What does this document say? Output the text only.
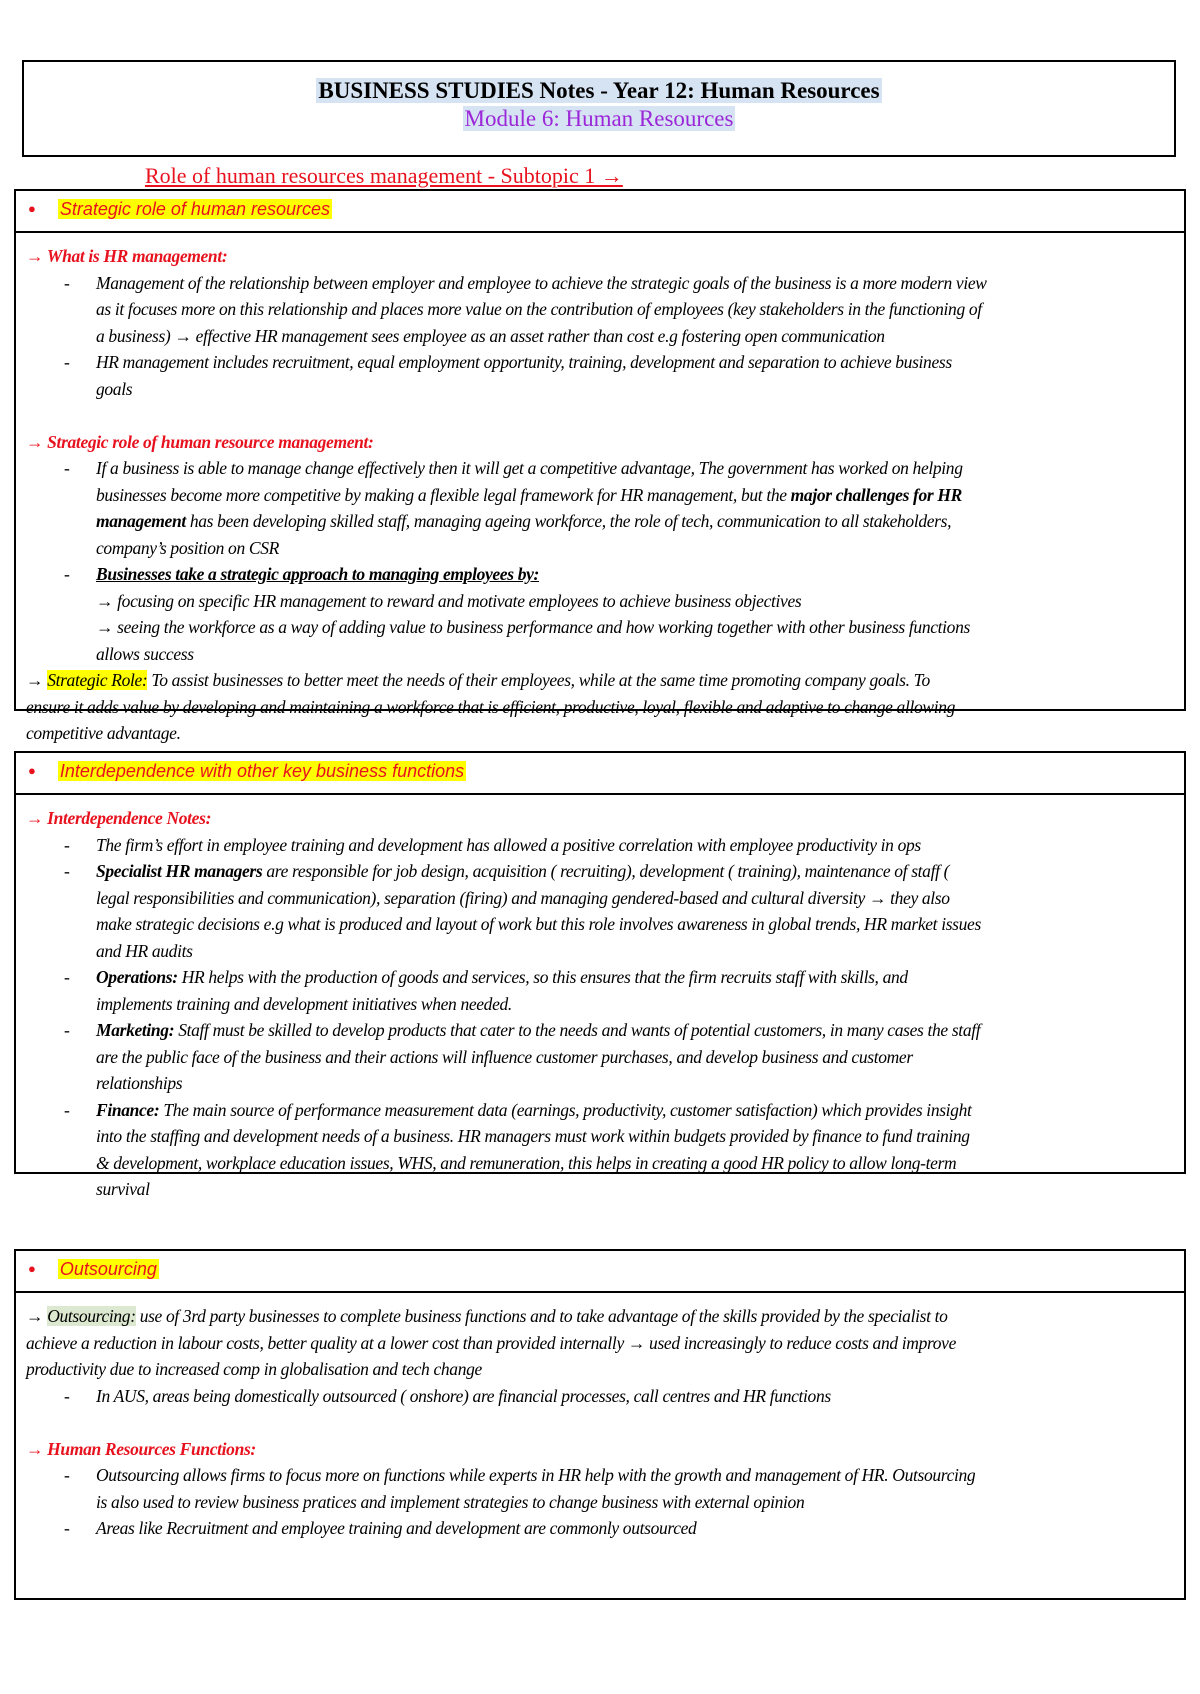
BUSINESS STUDIES Notes - Year 12: Human Resources
Module 6: Human Resources
Role of human resources management - Subtopic 1 →
● Strategic role of human resources
→ What is HR management:
- Management of the relationship between employer and employee to achieve the strategic goals of the business is a more modern view
as it focuses more on this relationship and places more value on the contribution of employees (key stakeholders in the functioning of
a business) → effective HR management sees employee as an asset rather than cost e.g fostering open communication
- HR management includes recruitment, equal employment opportunity, training, development and separation to achieve business
goals
→ Strategic role of human resource management:
- If a business is able to manage change effectively then it will get a competitive advantage, The government has worked on helping
businesses become more competitive by making a flexible legal framework for HR management, but the major challenges for HR
management has been developing skilled staff, managing ageing workforce, the role of tech, communication to all stakeholders,
company’s position on CSR
- Businesses take a strategic approach to managing employees by:
→ focusing on specific HR management to reward and motivate employees to achieve business objectives
→ seeing the workforce as a way of adding value to business performance and how working together with other business functions
allows success
→ Strategic Role: To assist businesses to better meet the needs of their employees, while at the same time promoting company goals. To
ensure it adds value by developing and maintaining a workforce that is efficient, productive, loyal, flexible and adaptive to change allowing
competitive advantage.
● Interdependence with other key business functions
→ Interdependence Notes:
- The firm’s effort in employee training and development has allowed a positive correlation with employee productivity in ops
- Specialist HR managers are responsible for job design, acquisition ( recruiting), development ( training), maintenance of staff (
legal responsibilities and communication), separation (firing) and managing gendered-based and cultural diversity → they also
make strategic decisions e.g what is produced and layout of work but this role involves awareness in global trends, HR market issues
and HR audits
- Operations: HR helps with the production of goods and services, so this ensures that the firm recruits staff with skills, and
implements training and development initiatives when needed.
- Marketing: Staff must be skilled to develop products that cater to the needs and wants of potential customers, in many cases the staff
are the public face of the business and their actions will influence customer purchases, and develop business and customer
relationships
- Finance: The main source of performance measurement data (earnings, productivity, customer satisfaction) which provides insight
into the staffing and development needs of a business. HR managers must work within budgets provided by finance to fund training
& development, workplace education issues, WHS, and remuneration, this helps in creating a good HR policy to allow long-term
survival
● Outsourcing
→ Outsourcing: use of 3rd party businesses to complete business functions and to take advantage of the skills provided by the specialist to
achieve a reduction in labour costs, better quality at a lower cost than provided internally → used increasingly to reduce costs and improve
productivity due to increased comp in globalisation and tech change
- In AUS, areas being domestically outsourced ( onshore) are financial processes, call centres and HR functions
→ Human Resources Functions:
- Outsourcing allows firms to focus more on functions while experts in HR help with the growth and management of HR. Outsourcing
is also used to review business pratices and implement strategies to change business with external opinion
- Areas like Recruitment and employee training and development are commonly outsourced
